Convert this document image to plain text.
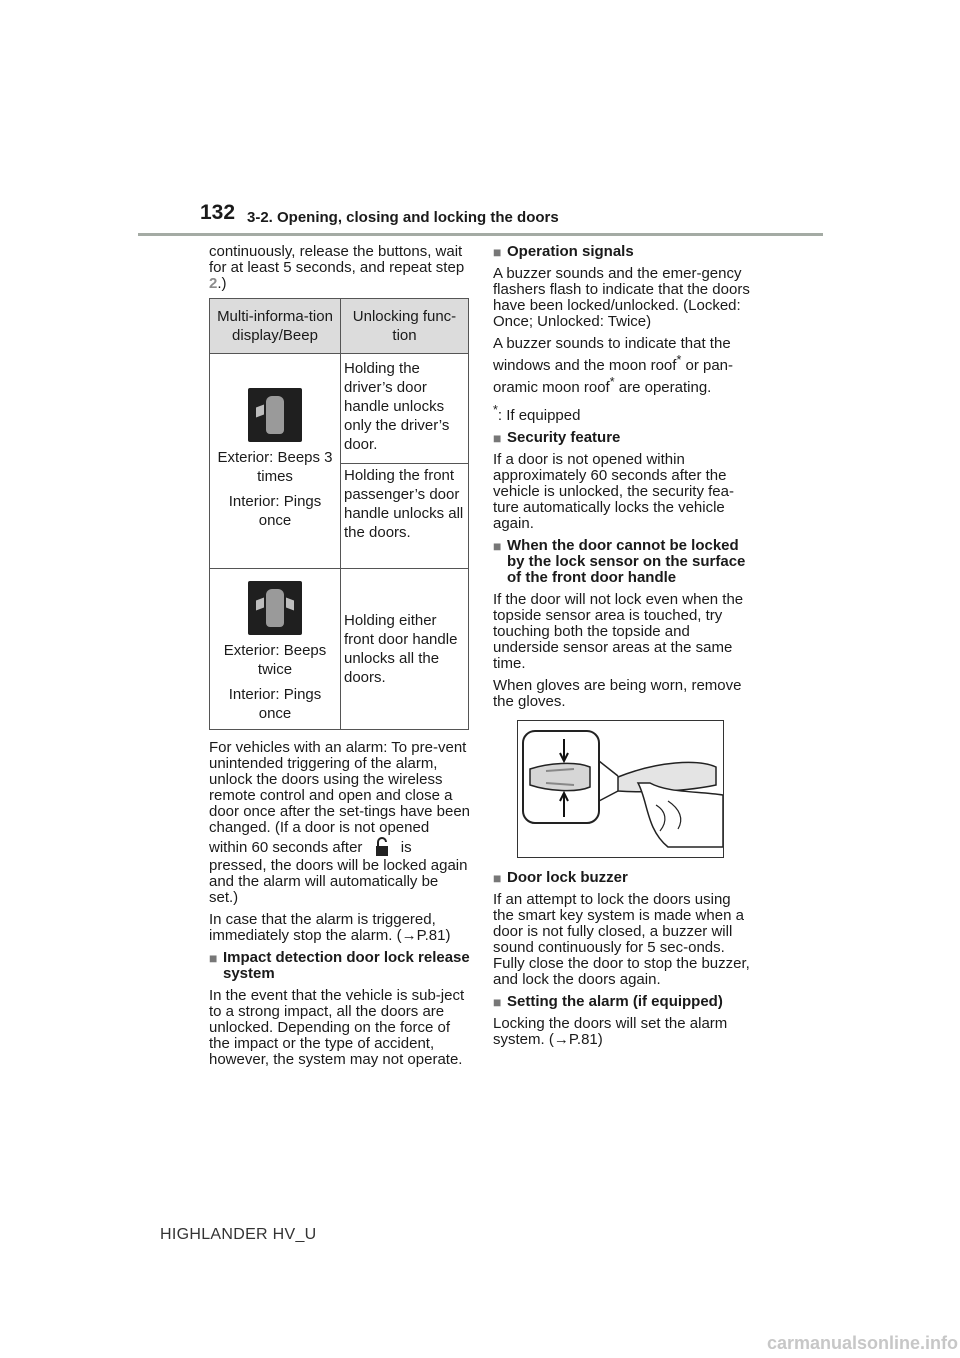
132 3-2. Opening, closing and locking the doors

continuously, release the buttons, wait for at least 5 seconds, and repeat step 2.)

Multi-informa-tion display/Beep	Unlocking func-tion

Exterior: Beeps 3 times
Interior: Pings once	Holding the driver’s door handle unlocks only the driver’s door.
	Holding the front passenger’s door handle unlocks all the doors.

Exterior: Beeps twice
Interior: Pings once	Holding either front door handle unlocks all the doors.

For vehicles with an alarm: To pre-vent unintended triggering of the alarm, unlock the doors using the wireless remote control and open and close a door once after the set-tings have been changed. (If a door is not opened within 60 seconds after	is pressed, the doors will be locked again and the alarm will automatically be set.)

In case that the alarm is triggered, immediately stop the alarm. (→P.81)

■ Impact detection door lock release system

In the event that the vehicle is sub-ject to a strong impact, all the doors are unlocked. Depending on the force of the impact or the type of accident, however, the system may not operate.

■ Operation signals

A buzzer sounds and the emer-gency flashers flash to indicate that the doors have been locked/unlocked. (Locked: Once; Unlocked: Twice)

A buzzer sounds to indicate that the windows and the moon roof* or pan-oramic moon roof* are operating.

*: If equipped

■ Security feature

If a door is not opened within approximately 60 seconds after the vehicle is unlocked, the security fea-ture automatically locks the vehicle again.

■ When the door cannot be locked by the lock sensor on the surface of the front door handle

If the door will not lock even when the topside sensor area is touched, try touching both the topside and underside sensor areas at the same time.

When gloves are being worn, remove the gloves.

■ Door lock buzzer

If an attempt to lock the doors using the smart key system is made when a door is not fully closed, a buzzer will sound continuously for 5 sec-onds. Fully close the door to stop the buzzer, and lock the doors again.

■ Setting the alarm (if equipped)

Locking the doors will set the alarm system. (→P.81)

HIGHLANDER HV_U
carmanualsonline.info
